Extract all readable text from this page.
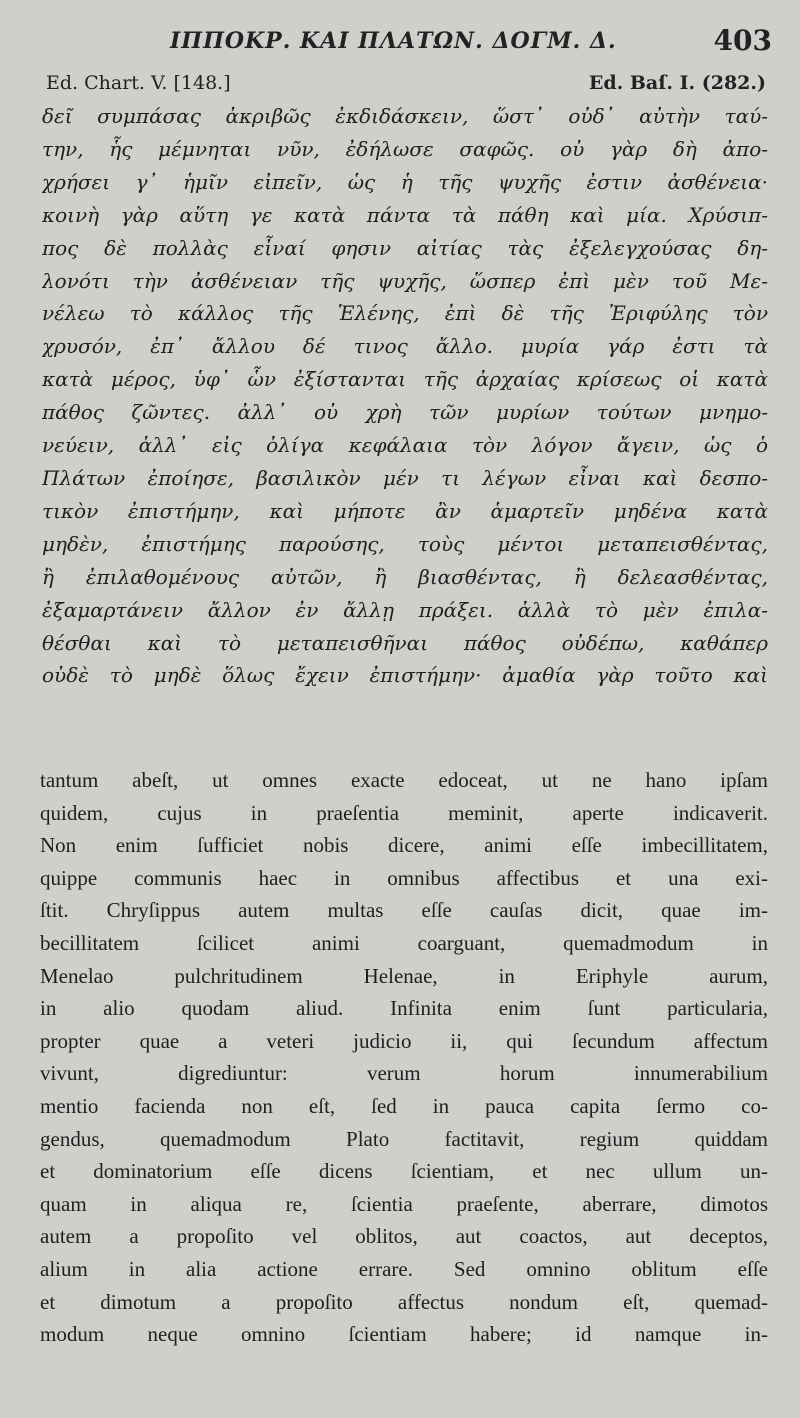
ΙΠΠΟΚΡ. ΚΑΙ ΠΛΑΤΩΝ. ΔΟΓΜ. Δ.	403
Ed. Chart. V. [148.]	Ed. Baſ. I. (282.)
δεῖ συμπάσας ἀκριβῶς ἐκδιδάσκειν, ὥστ᾽ οὐδ᾽ αὐτὴν ταύ-
την, ἧς μέμνηται νῦν, ἐδήλωσε σαφῶς. οὐ γὰρ δὴ ἀπο-
χρήσει γ᾽ ἡμῖν εἰπεῖν, ὡς ἡ τῆς ψυχῆς ἐστιν ἀσθένεια·
κοινὴ γὰρ αὕτη γε κατὰ πάντα τὰ πάθη καὶ μία. Χρύσιπ-
πος δὲ πολλὰς εἶναί φησιν αἰτίας τὰς ἐξελεγχούσας δη-
λονότι τὴν ἀσθένειαν τῆς ψυχῆς, ὥσπερ ἐπὶ μὲν τοῦ Με-
νέλεω τὸ κάλλος τῆς Ἑλένης, ἐπὶ δὲ τῆς Ἐριφύλης τὸν
χρυσόν, ἐπ᾽ ἄλλου δέ τινος ἄλλο. μυρία γάρ ἐστι τὰ
κατὰ μέρος, ὑφ᾽ ὧν ἐξίστανται τῆς ἀρχαίας κρίσεως οἱ κατὰ
πάθος ζῶντες. ἀλλ᾽ οὐ χρὴ τῶν μυρίων τούτων μνημο-
νεύειν, ἀλλ᾽ εἰς ὀλίγα κεφάλαια τὸν λόγον ἄγειν, ὡς ὁ
Πλάτων ἐποίησε, βασιλικὸν μέν τι λέγων εἶναι καὶ δεσπο-
τικὸν ἐπιστήμην, καὶ μήποτε ἂν ἁμαρτεῖν μηδένα κατὰ
μηδὲν, ἐπιστήμης παρούσης, τοὺς μέντοι μεταπεισθέντας,
ἢ ἐπιλαθομένους αὐτῶν, ἢ βιασθέντας, ἢ δελεασθέντας,
ἐξαμαρτάνειν ἄλλον ἐν ἄλλῃ πράξει. ἀλλὰ τὸ μὲν ἐπιλα-
θέσθαι καὶ τὸ μεταπεισθῆναι πάθος οὐδέπω, καθάπερ
οὐδὲ τὸ μηδὲ ὅλως ἔχειν ἐπιστήμην· ἀμαθία γὰρ τοῦτο καὶ
tantum abeſt, ut omnes exacte edoceat, ut ne hano ipſam
quidem, cujus in praeſentia meminit, aperte indicaverit.
Non enim ſufficiet nobis dicere, animi eſſe imbecillitatem,
quippe communis haec in omnibus affectibus et una exi-
ſtit. Chryſippus autem multas eſſe cauſas dicit, quae im-
becillitatem ſcilicet animi coarguant, quemadmodum in
Menelao pulchritudinem Helenae, in Eriphyle aurum,
in alio quodam aliud. Infinita enim ſunt particularia,
propter quae a veteri judicio ii, qui ſecundum affectum
vivunt, digrediuntur: verum horum innumerabilium
mentio facienda non eſt, ſed in pauca capita ſermo co-
gendus, quemadmodum Plato factitavit, regium quiddam
et dominatorium eſſe dicens ſcientiam, et nec ullum un-
quam in aliqua re, ſcientia praeſente, aberrare, dimotos
autem a propoſito vel oblitos, aut coactos, aut deceptos,
alium in alia actione errare. Sed omnino oblitum eſſe
et dimotum a propoſito affectus nondum eſt, quemad-
modum neque omnino ſcientiam habere; id namque in-
